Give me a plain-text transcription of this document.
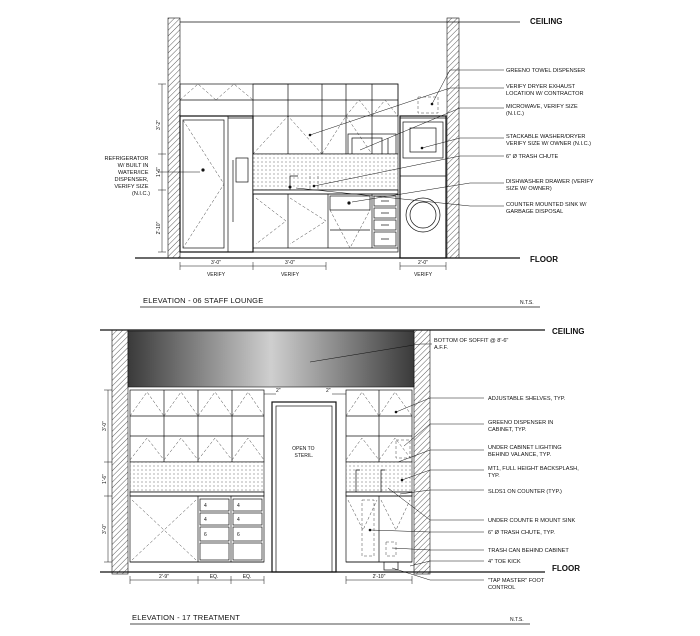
CEILING
FLOOR
REFRIGERATOR W/ BUILT IN WATER/ICE DISPENSER, VERIFY SIZE (N.I.C.)
GREENO TOWEL DISPENSER
VERIFY DRYER EXHAUST LOCATION W/ CONTRACTOR
MICROWAVE, VERIFY SIZE (N.I.C.)
STACKABLE WASHER/DRYER VERIFY SIZE W/ OWNER (N.I.C.)
6" Ø TRASH CHUTE
DISHWASHER DRAWER (VERIFY SIZE W/ OWNER)
COUNTER MOUNTED SINK W/ GARBAGE DISPOSAL
3'-2"
1'-6"
2'-10"
3'-0"	3'-0"	2'-0"
VERIFY	VERIFY	VERIFY
ELEVATION - 06 STAFF LOUNGE	N.T.S.
CEILING
FLOOR
OPEN TO STERIL.
4	4
4	4
6	6
BOTTOM OF SOFFIT @ 8'-6" A.F.F.
ADJUSTABLE SHELVES, TYP.
GREENO DISPENSER IN CABINET, TYP.
UNDER CABINET LIGHTING BEHIND VALANCE, TYP.
MT1, FULL HEIGHT BACKSPLASH, TYP.
SLDS1 ON COUNTER (TYP.)
UNDER COUNTE R MOUNT SINK
6" Ø TRASH CHUTE, TYP.
TRASH CAN BEHIND CABINET
4" TOE KICK
"TAP MASTER" FOOT CONTROL
3'-0"
1'-6"
3'-0"
2"	2"
2'-9"	EQ.	EQ.	2'-10"
ELEVATION - 17 TREATMENT	N.T.S.
